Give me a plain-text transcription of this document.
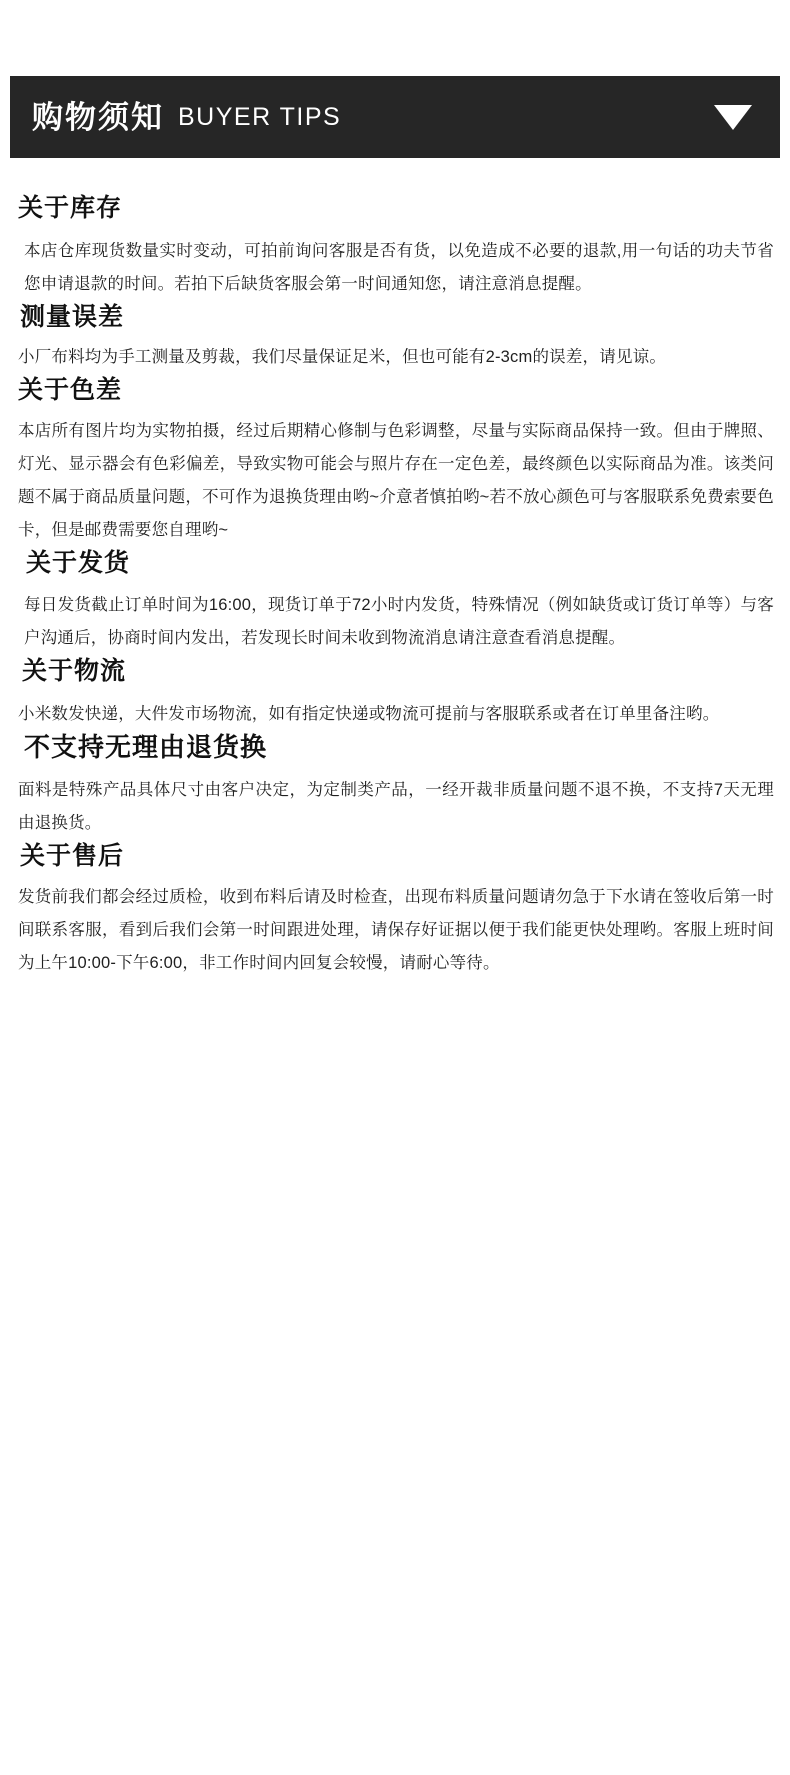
购物须知 BUYER TIPS
关于库存
本店仓库现货数量实时变动，可拍前询问客服是否有货，以免造成不必要的退款,用一句话的功夫节省您申请退款的时间。若拍下后缺货客服会第一时间通知您，请注意消息提醒。
测量误差
小厂布料均为手工测量及剪裁，我们尽量保证足米，但也可能有2-3cm的误差，请见谅。
关于色差
本店所有图片均为实物拍摄，经过后期精心修制与色彩调整，尽量与实际商品保持一致。但由于牌照、灯光、显示器会有色彩偏差，导致实物可能会与照片存在一定色差，最终颜色以实际商品为准。该类问题不属于商品质量问题，不可作为退换货理由哟~介意者慎拍哟~若不放心颜色可与客服联系免费索要色卡，但是邮费需要您自理哟~
关于发货
每日发货截止订单时间为16:00，现货订单于72小时内发货，特殊情况（例如缺货或订货订单等）与客户沟通后，协商时间内发出，若发现长时间未收到物流消息请注意查看消息提醒。
关于物流
小米数发快递，大件发市场物流，如有指定快递或物流可提前与客服联系或者在订单里备注哟。
不支持无理由退货换
面料是特殊产品具体尺寸由客户决定，为定制类产品，一经开裁非质量问题不退不换，不支持7天无理由退换货。
关于售后
发货前我们都会经过质检，收到布料后请及时检查，出现布料质量问题请勿急于下水请在签收后第一时间联系客服，看到后我们会第一时间跟进处理，请保存好证据以便于我们能更快处理哟。客服上班时间为上午10:00-下午6:00，非工作时间内回复会较慢，请耐心等待。
